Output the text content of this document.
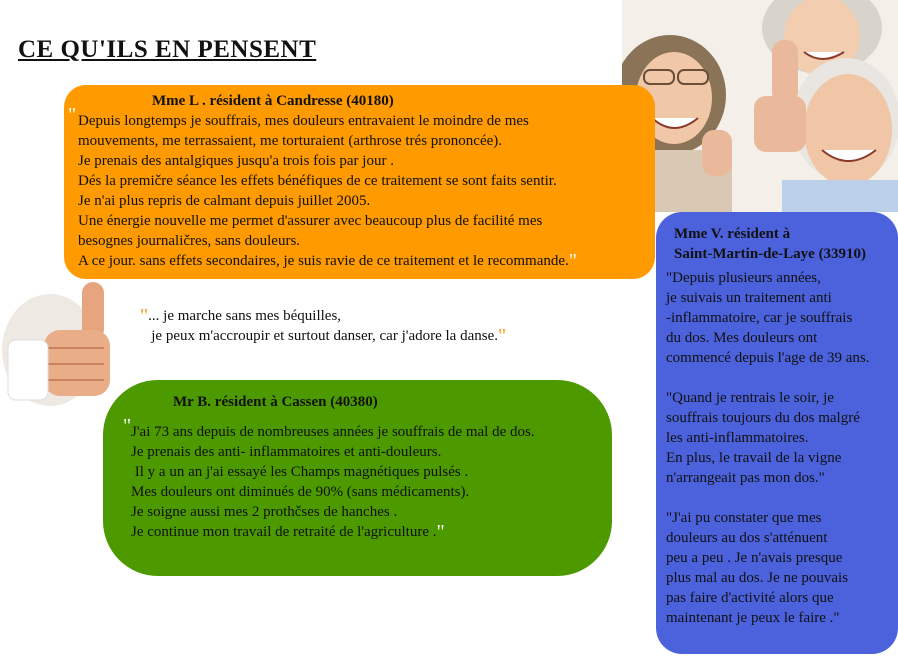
CE QU'ILS EN PENSENT
Mme L . résident à Candresse (40180)
" Depuis longtemps je souffrais, mes douleurs entravaient le moindre de mes
mouvements, me terrassaient, me torturaient (arthrose trés prononcée).
Je prenais des antalgiques jusqu'a trois fois par jour .
Dés la premičre séance les effets bénéfiques de ce traitement se sont faits sentir.
Je n'ai plus repris de calmant depuis juillet 2005.
Une énergie nouvelle me permet d'assurer avec beaucoup plus de facilité mes
besognes journaličres, sans douleurs.
A ce jour. sans effets secondaires, je suis ravie de ce traitement et le recommande."
"... je marche sans mes béquilles,
je peux m'accroupir et surtout danser, car j'adore la danse."
Mr B. résident à Cassen (40380)
" J'ai 73 ans depuis de nombreuses années je souffrais de mal de dos.
Je prenais des anti- inflammatoires et anti-douleurs.
Il y a un an j'ai essayé les Champs magnétiques pulsés .
Mes douleurs ont diminués de 90% (sans médicaments).
Je soigne aussi mes 2 prothčses de hanches .
Je continue mon travail de retraité de l'agriculture ."
Mme V. résident à
Saint-Martin-de-Laye (33910)
"Depuis plusieurs années,
je suivais un traitement anti
-inflammatoire, car je souffrais
du dos. Mes douleurs ont
commencé depuis l'age de 39 ans.
"Quand je rentrais le soir, je
souffrais toujours du dos malgré
les anti-inflammatoires.
En plus, le travail de la vigne
n'arrangeait pas mon dos."
"J'ai pu constater que mes
douleurs au dos s'atténuent
peu a peu . Je n'avais presque
plus mal au dos. Je ne pouvais
pas faire d'activité alors que
maintenant je peux le faire ."
